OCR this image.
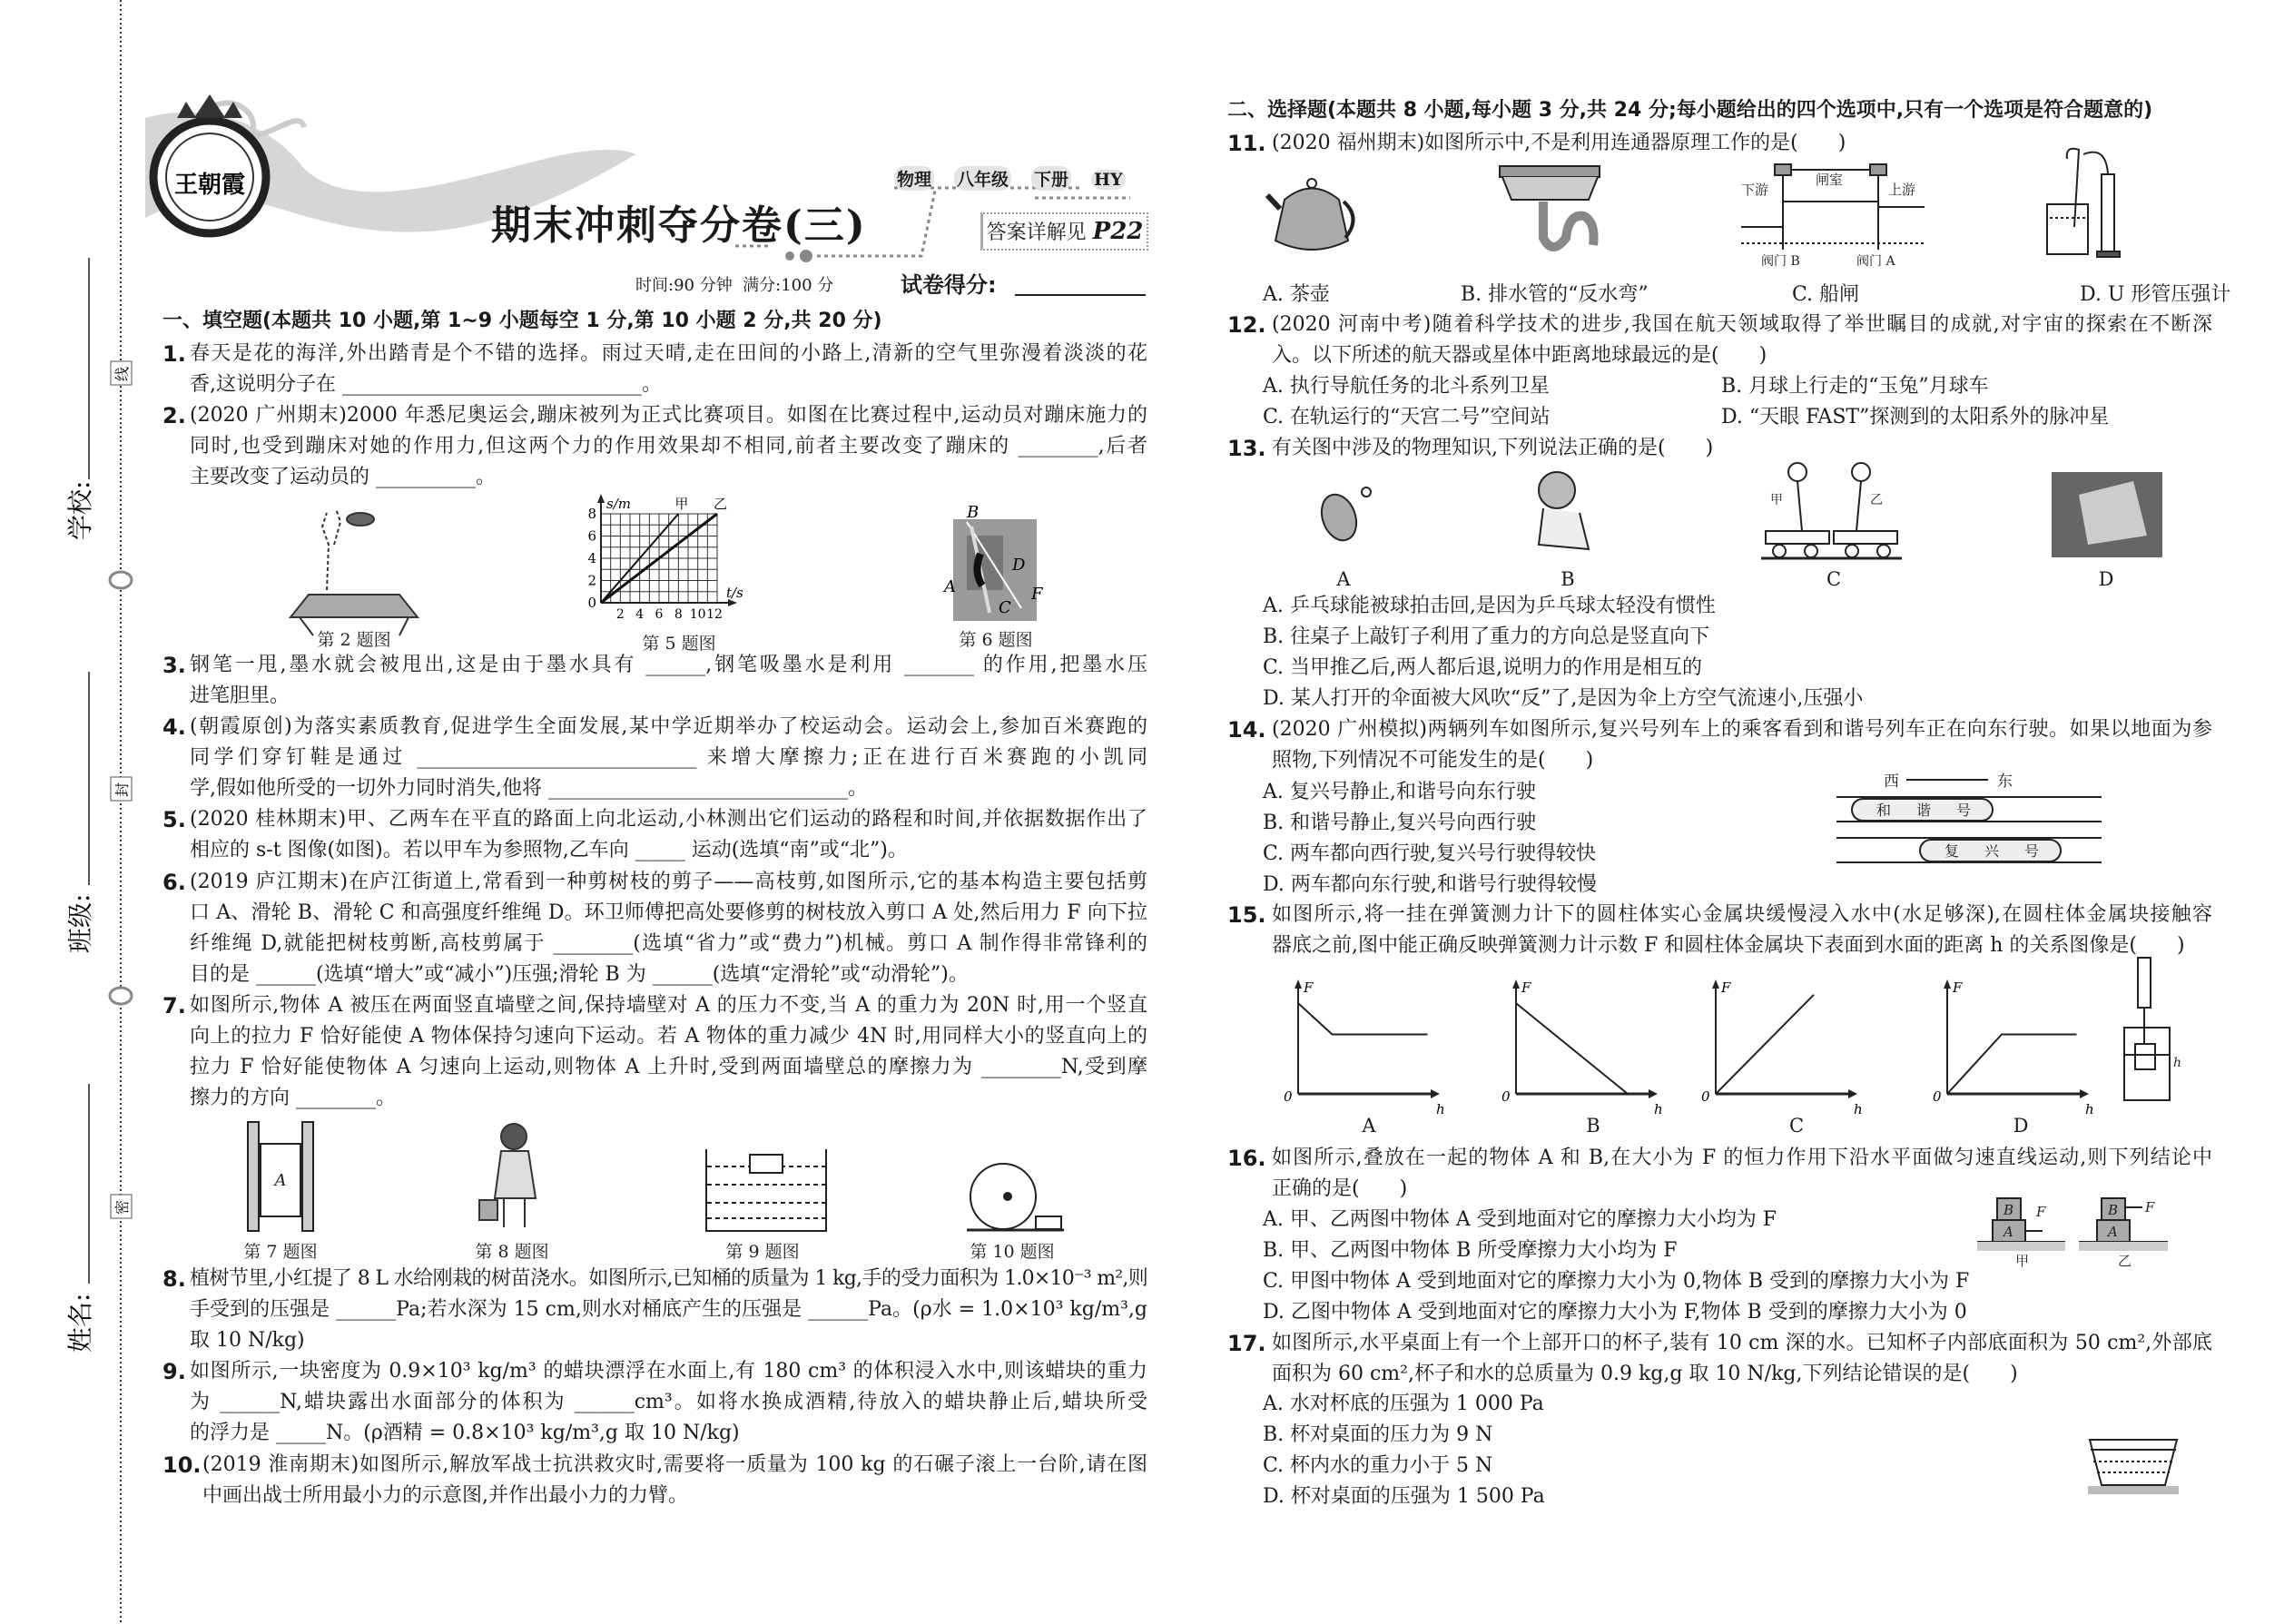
学校:
班级:
姓名:
线
封
密
王朝霞
甲 乙
2 4 6 8 10 12
0
2
4
6
8
s/m
t/s
B
D
A
C
F
A
下游
闸室
上游
阀门 B	阀门 A
甲	乙
西	东
和 谐 号
复 兴 号
F
h
0
F
h
0
F
h
0
F
h
0
h
B
A
F	B
A
F
甲	乙
期末冲刺夺分卷(三)
物理 八年级 下册 HY
答案详解见 P22
时间:90 分钟 满分:100 分	试卷得分:
一、填空题(本题共 10 小题,第 1~9 小题每空 1 分,第 10 小题 2 分,共 20 分)
二、选择题(本题共 8 小题,每小题 3 分,共 24 分;每小题给出的四个选项中,只有一个选项是符合题意的)
第 2 题图	第 5 题图	第 6 题图
第 7 题图	第 8 题图	第 9 题图	第 10 题图
1. 春天是花的海洋,外出踏青是个不错的选择。雨过天晴,走在田间的小路上,清新的空气里弥漫着淡淡的花
香,这说明分子在 ______________________________。
2. (2020 广州期末)2000 年悉尼奥运会,蹦床被列为正式比赛项目。如图在比赛过程中,运动员对蹦床施力的
同时,也受到蹦床对她的作用力,但这两个力的作用效果却不相同,前者主要改变了蹦床的 ________,后者
主要改变了运动员的 __________。
3. 钢笔一甩,墨水就会被甩出,这是由于墨水具有 ______,钢笔吸墨水是利用 _______ 的作用,把墨水压
进笔胆里。
4. (朝霞原创)为落实素质教育,促进学生全面发展,某中学近期举办了校运动会。运动会上,参加百米赛跑的
同学们穿钉鞋是通过 ____________________________ 来增大摩擦力;正在进行百米赛跑的小凯同
学,假如他所受的一切外力同时消失,他将 ______________________________。
5. (2020 桂林期末)甲、乙两车在平直的路面上向北运动,小林测出它们运动的路程和时间,并依据数据作出了
相应的 s-t 图像(如图)。若以甲车为参照物,乙车向 _____ 运动(选填“南”或“北”)。
6. (2019 庐江期末)在庐江街道上,常看到一种剪树枝的剪子——高枝剪,如图所示,它的基本构造主要包括剪
口 A、滑轮 B、滑轮 C 和高强度纤维绳 D。环卫师傅把高处要修剪的树枝放入剪口 A 处,然后用力 F 向下拉
纤维绳 D,就能把树枝剪断,高枝剪属于 ________(选填“省力”或“费力”)机械。剪口 A 制作得非常锋利的
目的是 ______(选填“增大”或“减小”)压强;滑轮 B 为 ______(选填“定滑轮”或“动滑轮”)。
7. 如图所示,物体 A 被压在两面竖直墙壁之间,保持墙壁对 A 的压力不变,当 A 的重力为 20N 时,用一个竖直
向上的拉力 F 恰好能使 A 物体保持匀速向下运动。若 A 物体的重力减少 4N 时,用同样大小的竖直向上的
拉力 F 恰好能使物体 A 匀速向上运动,则物体 A 上升时,受到两面墙壁总的摩擦力为 ________N,受到摩
擦力的方向 ________。
8. 植树节里,小红提了 8 L 水给刚栽的树苗浇水。如图所示,已知桶的质量为 1 kg,手的受力面积为 1.0×10⁻³ m²,则
手受到的压强是 ______Pa;若水深为 15 cm,则水对桶底产生的压强是 ______Pa。(ρ水 = 1.0×10³ kg/m³,g
取 10 N/kg)
9. 如图所示,一块密度为 0.9×10³ kg/m³ 的蜡块漂浮在水面上,有 180 cm³ 的体积浸入水中,则该蜡块的重力
为 ______N,蜡块露出水面部分的体积为 ______cm³。如将水换成酒精,待放入的蜡块静止后,蜡块所受
的浮力是 _____N。(ρ酒精 = 0.8×10³ kg/m³,g 取 10 N/kg)
10. (2019 淮南期末)如图所示,解放军战士抗洪救灾时,需要将一质量为 100 kg 的石碾子滚上一台阶,请在图
中画出战士所用最小力的示意图,并作出最小力的力臂。
11. (2020 福州期末)如图所示中,不是利用连通器原理工作的是(　　)
A. 茶壶	B. 排水管的“反水弯”	C. 船闸	D. U 形管压强计
12. (2020 河南中考)随着科学技术的进步,我国在航天领域取得了举世瞩目的成就,对宇宙的探索在不断深
入。以下所述的航天器或星体中距离地球最远的是(　　)
A. 执行导航任务的北斗系列卫星	B. 月球上行走的“玉兔”月球车
C. 在轨运行的“天宫二号”空间站	D. “天眼 FAST”探测到的太阳系外的脉冲星
13. 有关图中涉及的物理知识,下列说法正确的是(　　)
A. 乒乓球能被球拍击回,是因为乒乓球太轻没有惯性
B. 往桌子上敲钉子利用了重力的方向总是竖直向下
C. 当甲推乙后,两人都后退,说明力的作用是相互的
D. 某人打开的伞面被大风吹“反”了,是因为伞上方空气流速小,压强小
14. (2020 广州模拟)两辆列车如图所示,复兴号列车上的乘客看到和谐号列车正在向东行驶。如果以地面为参
照物,下列情况不可能发生的是(　　)
A. 复兴号静止,和谐号向东行驶
B. 和谐号静止,复兴号向西行驶
C. 两车都向西行驶,复兴号行驶得较快
D. 两车都向东行驶,和谐号行驶得较慢
15. 如图所示,将一挂在弹簧测力计下的圆柱体实心金属块缓慢浸入水中(水足够深),在圆柱体金属块接触容
器底之前,图中能正确反映弹簧测力计示数 F 和圆柱体金属块下表面到水面的距离 h 的关系图像是(　　)
16. 如图所示,叠放在一起的物体 A 和 B,在大小为 F 的恒力作用下沿水平面做匀速直线运动,则下列结论中
正确的是(　　)
A. 甲、乙两图中物体 A 受到地面对它的摩擦力大小均为 F
B. 甲、乙两图中物体 B 所受摩擦力大小均为 F
C. 甲图中物体 A 受到地面对它的摩擦力大小为 0,物体 B 受到的摩擦力大小为 F
D. 乙图中物体 A 受到地面对它的摩擦力大小为 F,物体 B 受到的摩擦力大小为 0
17. 如图所示,水平桌面上有一个上部开口的杯子,装有 10 cm 深的水。已知杯子内部底面积为 50 cm²,外部底
面积为 60 cm²,杯子和水的总质量为 0.9 kg,g 取 10 N/kg,下列结论错误的是(　　)
A. 水对杯底的压强为 1 000 Pa
B. 杯对桌面的压力为 9 N
C. 杯内水的重力小于 5 N
D. 杯对桌面的压强为 1 500 Pa
A	B	C	D
A	B	C	D
